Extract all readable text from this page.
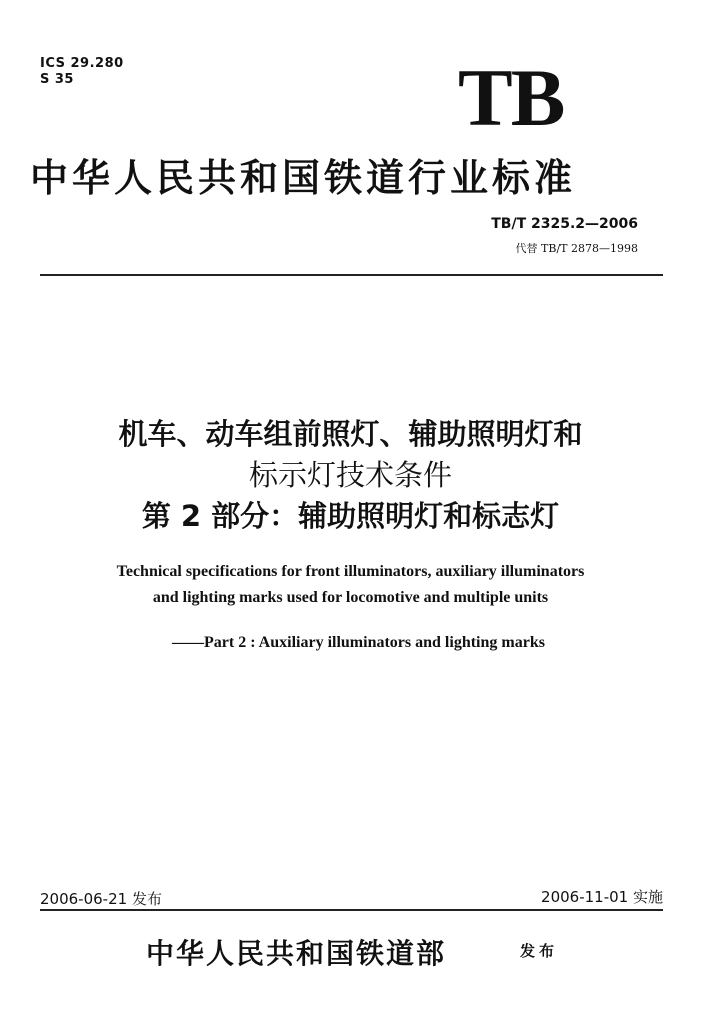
ICS 29.280
S 35	TB
中华人民共和国铁道行业标准
TB/T 2325.2—2006
代替 TB/T 2878—1998
机车、动车组前照灯、辅助照明灯和
标示灯技术条件
第 2 部分：辅助照明灯和标志灯
Technical specifications for front illuminators, auxiliary illuminators
and lighting marks used for locomotive and multiple units
——Part 2 : Auxiliary illuminators and lighting marks
2006-06-21 发布	2006-11-01 实施
中华人民共和国铁道部	发布
